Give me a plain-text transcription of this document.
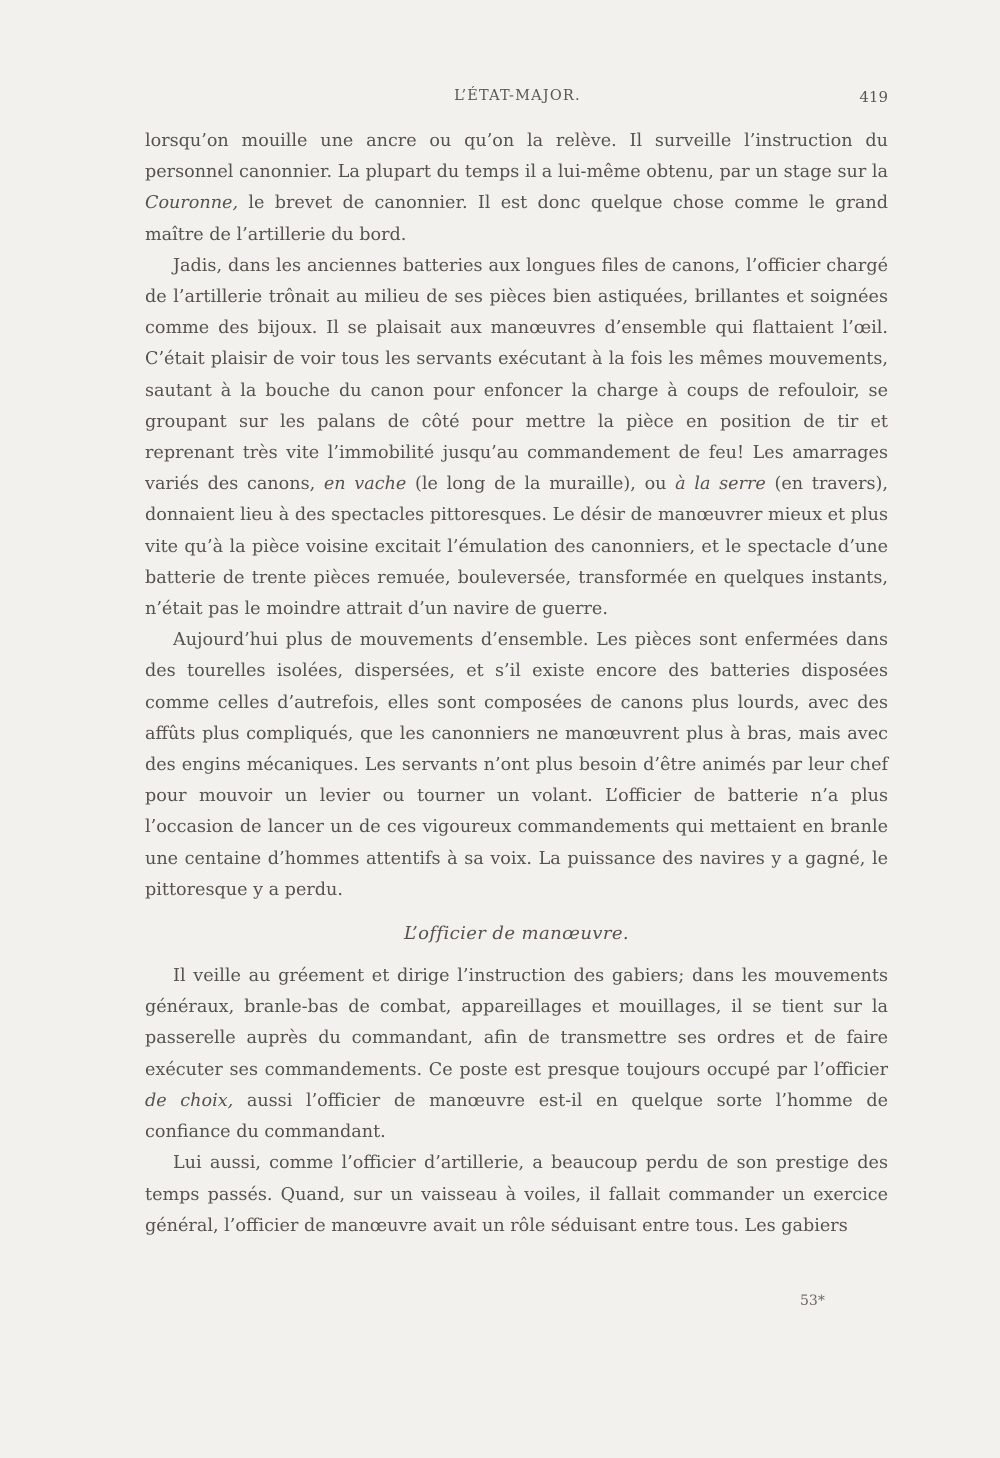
L’ÉTAT-MAJOR.	419

lorsqu’on mouille une ancre ou qu’on la relève. Il surveille l’instruction du personnel canonnier. La plupart du temps il a lui-même obtenu, par un stage sur la Couronne, le brevet de canonnier. Il est donc quelque chose comme le grand maître de l’artillerie du bord.

Jadis, dans les anciennes batteries aux longues files de canons, l’officier chargé de l’artillerie trônait au milieu de ses pièces bien astiquées, brillantes et soignées comme des bijoux. Il se plaisait aux manœuvres d’ensemble qui flattaient l’œil. C’était plaisir de voir tous les servants exécutant à la fois les mêmes mouvements, sautant à la bouche du canon pour enfoncer la charge à coups de refouloir, se groupant sur les palans de côté pour mettre la pièce en position de tir et reprenant très vite l’immobilité jusqu’au commandement de feu! Les amarrages variés des canons, en vache (le long de la muraille), ou à la serre (en travers), donnaient lieu à des spectacles pittoresques. Le désir de manœuvrer mieux et plus vite qu’à la pièce voisine excitait l’émulation des canonniers, et le spectacle d’une batterie de trente pièces remuée, bouleversée, transformée en quelques instants, n’était pas le moindre attrait d’un navire de guerre.

Aujourd’hui plus de mouvements d’ensemble. Les pièces sont enfermées dans des tourelles isolées, dispersées, et s’il existe encore des batteries disposées comme celles d’autrefois, elles sont composées de canons plus lourds, avec des affûts plus compliqués, que les canonniers ne manœuvrent plus à bras, mais avec des engins mécaniques. Les servants n’ont plus besoin d’être animés par leur chef pour mouvoir un levier ou tourner un volant. L’officier de batterie n’a plus l’occasion de lancer un de ces vigoureux commandements qui mettaient en branle une centaine d’hommes attentifs à sa voix. La puissance des navires y a gagné, le pittoresque y a perdu.

L’officier de manœuvre.

Il veille au gréement et dirige l’instruction des gabiers; dans les mouvements généraux, branle-bas de combat, appareillages et mouillages, il se tient sur la passerelle auprès du commandant, afin de transmettre ses ordres et de faire exécuter ses commandements. Ce poste est presque toujours occupé par l’officier de choix, aussi l’officier de manœuvre est-il en quelque sorte l’homme de confiance du commandant.

Lui aussi, comme l’officier d’artillerie, a beaucoup perdu de son prestige des temps passés. Quand, sur un vaisseau à voiles, il fallait commander un exercice général, l’officier de manœuvre avait un rôle séduisant entre tous. Les gabiers

53*
